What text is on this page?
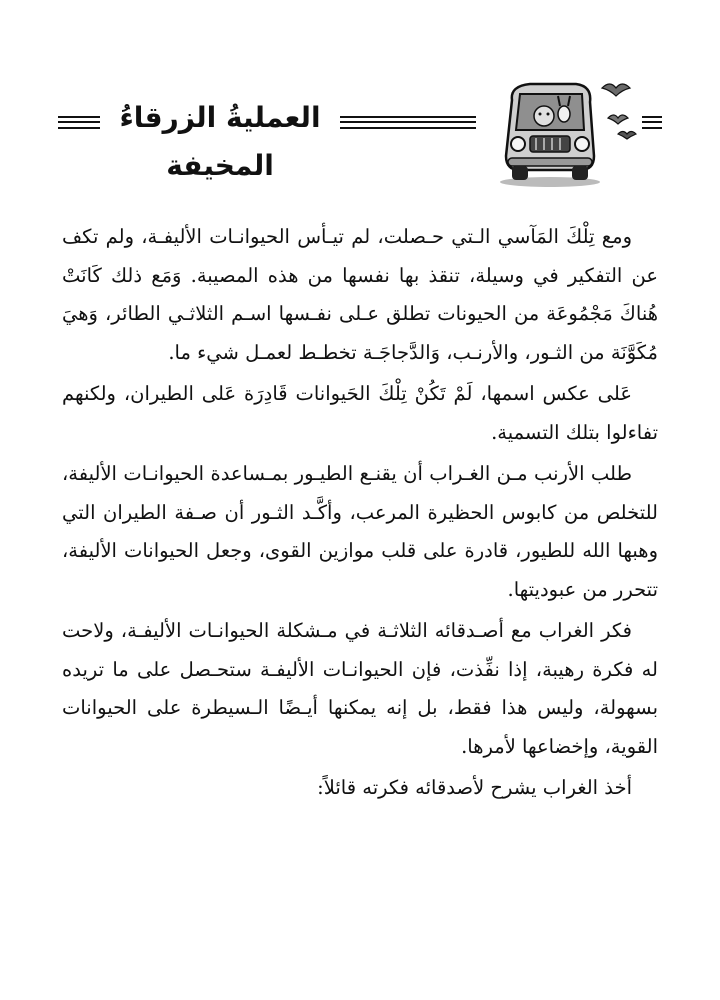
العمليةُ الزرقاءُ المخيفة

ومع تِلْكَ المَآسي الـتي حـصلت، لم تيـأس الحيوانـات الأليفـة، ولم تكف عن التفكير في وسيلة، تنقذ بها نفسها من هذه المصيبة. وَمَع ذلك كَانَتْ هُناكَ مَجْمُوعَة من الحيونات تطلق عـلى نفـسها اسـم الثلاثـي الطائر، وَهيَ مُكَوَّنَة من الثـور، والأرنـب، وَالدَّجاجَـة تخطـط لعمـل شيء ما.

عَلى عكس اسمها، لَمْ تَكُنْ تِلْكَ الحَيوانات قَادِرَة عَلى الطيران، ولكنهم تفاءلوا بتلك التسمية.

طلب الأرنب مـن الغـراب أن يقنـع الطيـور بمـساعدة الحيوانـات الأليفة، للتخلص من كابوس الحظيرة المرعب، وأكَّـد الثـور أن صـفة الطيران التي وهبها الله للطيور، قادرة على قلب موازين القوى، وجعل الحيوانات الأليفة، تتحرر من عبوديتها.

فكر الغراب مع أصـدقائه الثلاثـة في مـشكلة الحيوانـات الأليفـة، ولاحت له فكرة رهيبة، إذا نفِّذت، فإن الحيوانـات الأليفـة ستحـصل على ما تريده بسهولة، وليس هذا فقط، بل إنه يمكنها أيـضًا الـسيطرة على الحيوانات القوية، وإخضاعها لأمرها.

أخذ الغراب يشرح لأصدقائه فكرته قائلاً:
